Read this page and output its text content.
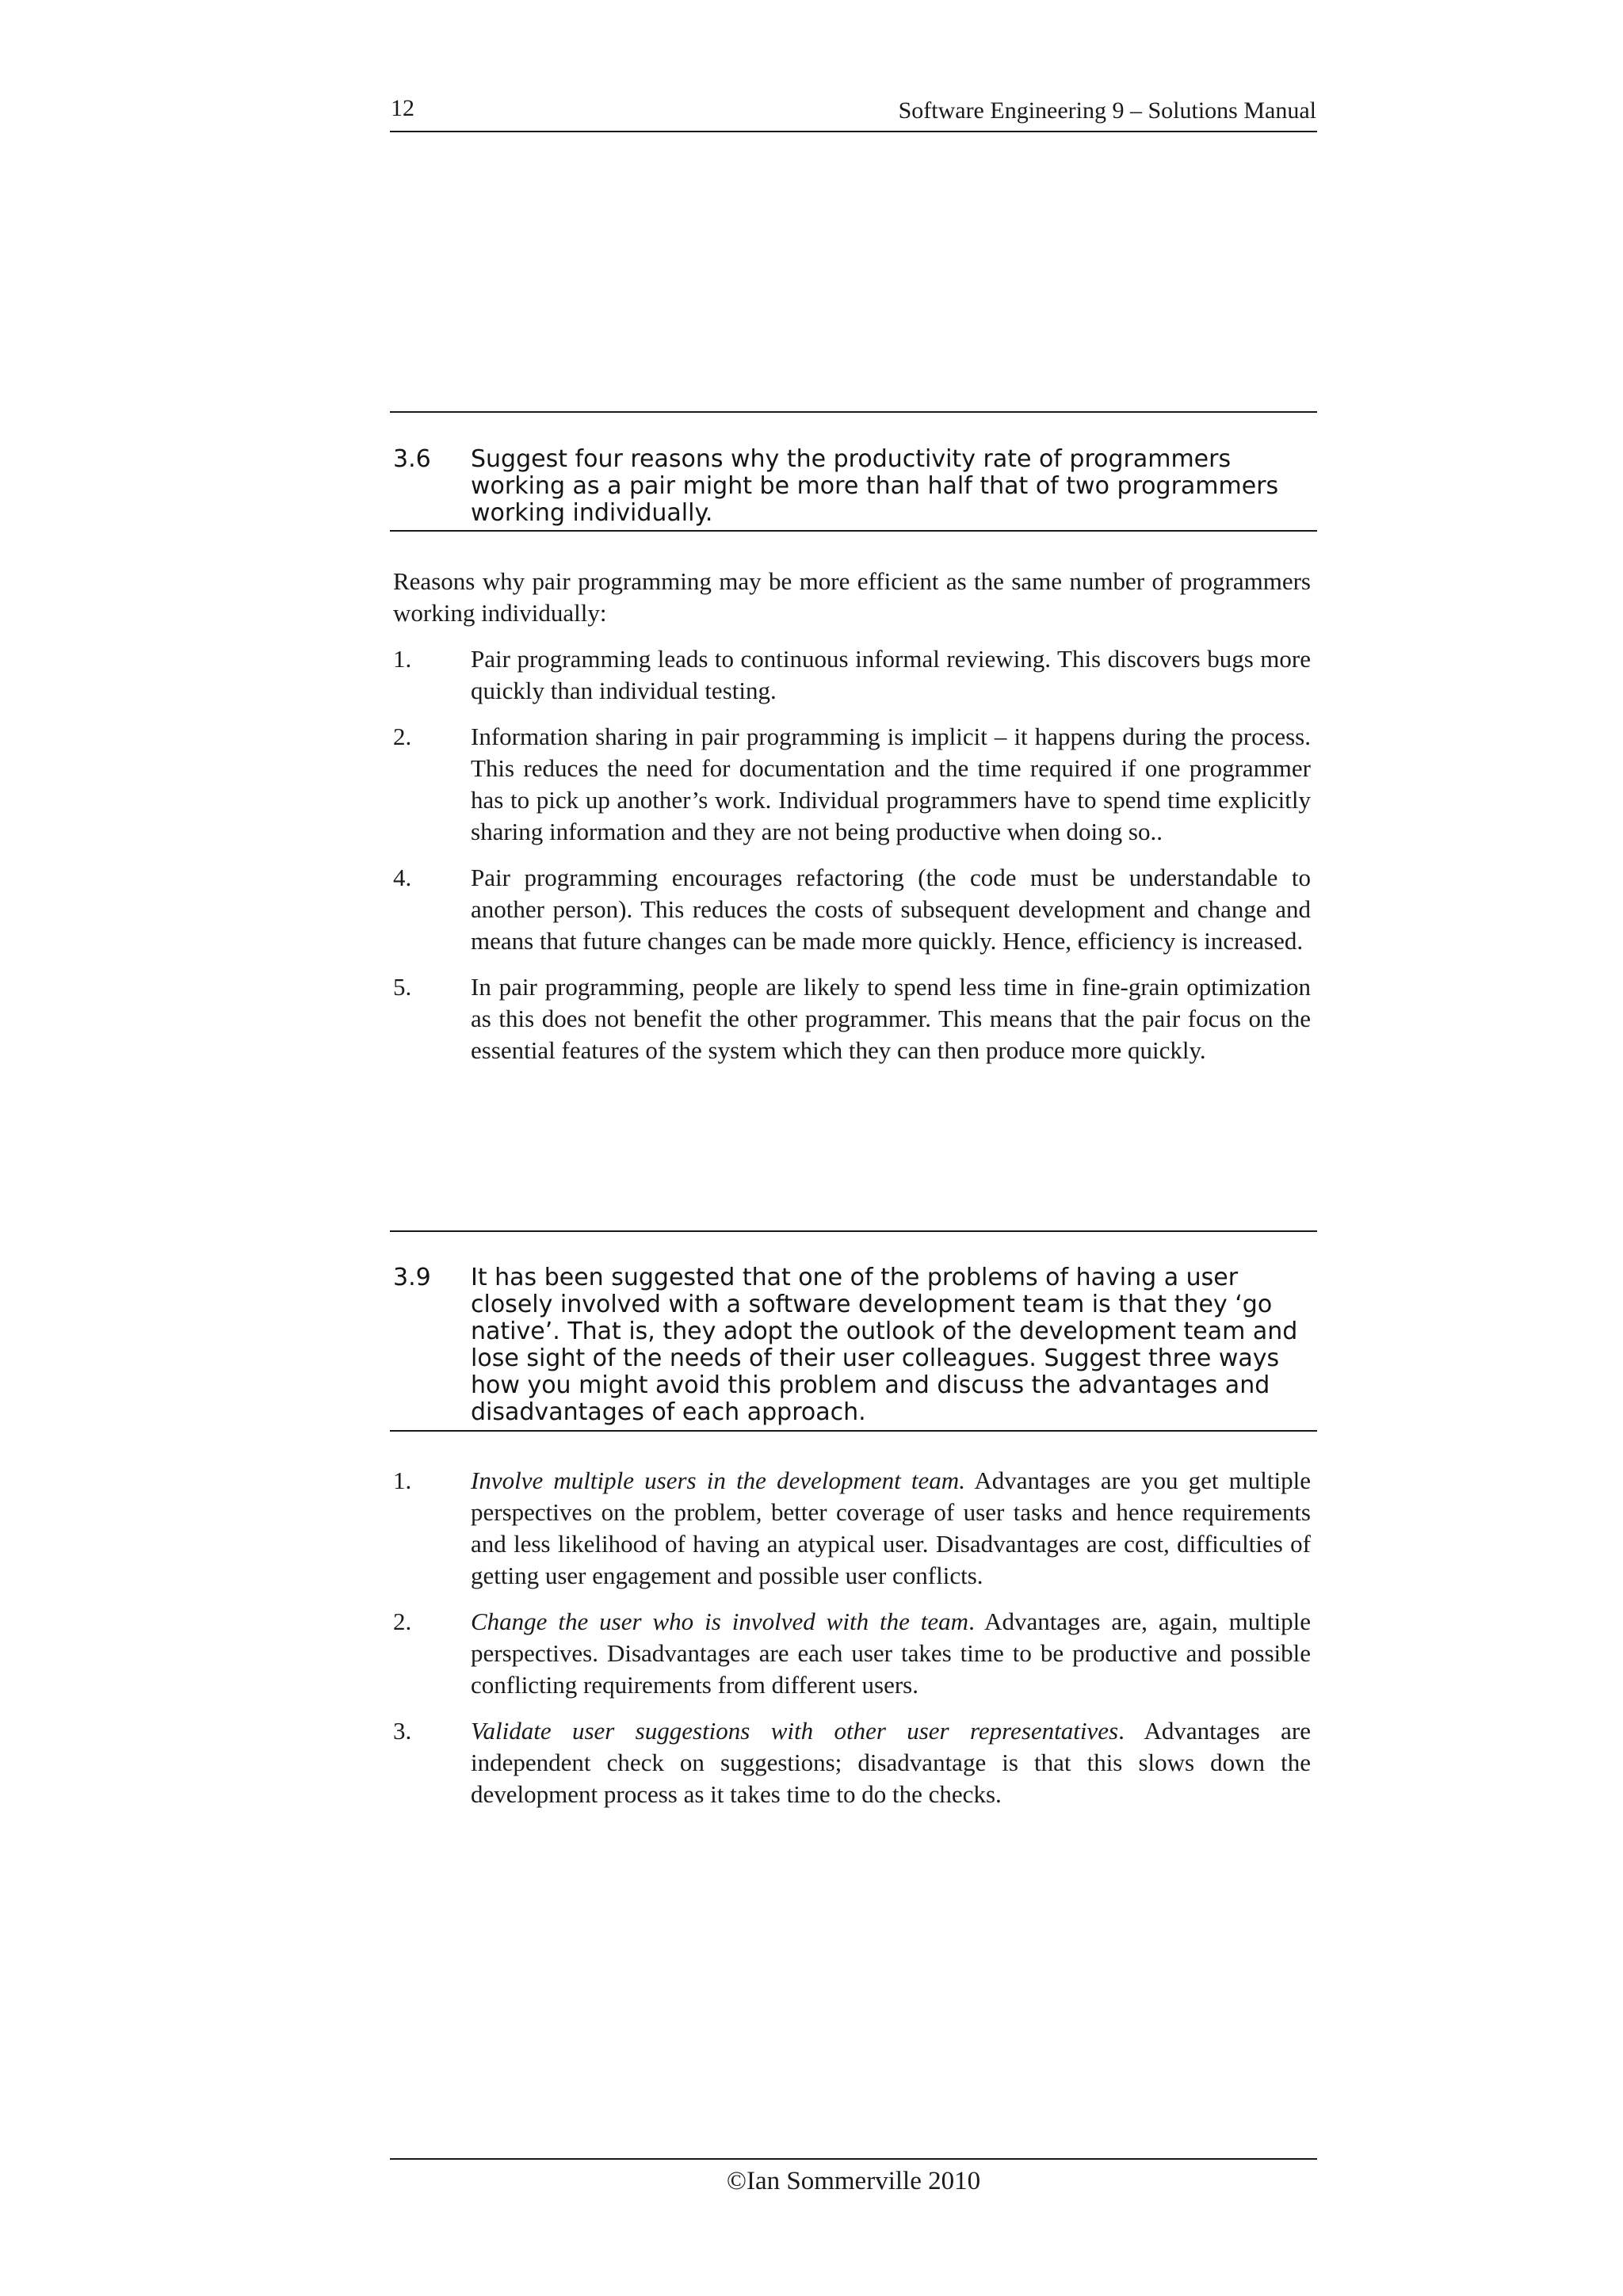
12	Software Engineering 9 – Solutions Manual
3.6	Suggest four reasons why the productivity rate of programmers working as a pair might be more than half that of two programmers working individually.
Reasons why pair programming may be more efficient as the same number of programmers working individually:
1.	Pair programming leads to continuous informal reviewing. This discovers bugs more quickly than individual testing.
2.	Information sharing in pair programming is implicit – it happens during the process. This reduces the need for documentation and the time required if one programmer has to pick up another’s work. Individual programmers have to spend time explicitly sharing information and they are not being productive when doing so..
4.	Pair programming encourages refactoring (the code must be understandable to another person). This reduces the costs of subsequent development and change and means that future changes can be made more quickly. Hence, efficiency is increased.
5.	In pair programming, people are likely to spend less time in fine-grain optimization as this does not benefit the other programmer. This means that the pair focus on the essential features of the system which they can then produce more quickly.
3.9	It has been suggested that one of the problems of having a user closely involved with a software development team is that they ‘go native’. That is, they adopt the outlook of the development team and lose sight of the needs of their user colleagues. Suggest three ways how you might avoid this problem and discuss the advantages and disadvantages of each approach.
1.	Involve multiple users in the development team. Advantages are you get multiple perspectives on the problem, better coverage of user tasks and hence requirements and less likelihood of having an atypical user. Disadvantages are cost, difficulties of getting user engagement and possible user conflicts.
2.	Change the user who is involved with the team. Advantages are, again, multiple perspectives. Disadvantages are each user takes time to be productive and possible conflicting requirements from different users.
3.	Validate user suggestions with other user representatives. Advantages are independent check on suggestions; disadvantage is that this slows down the development process as it takes time to do the checks.
©Ian Sommerville 2010
